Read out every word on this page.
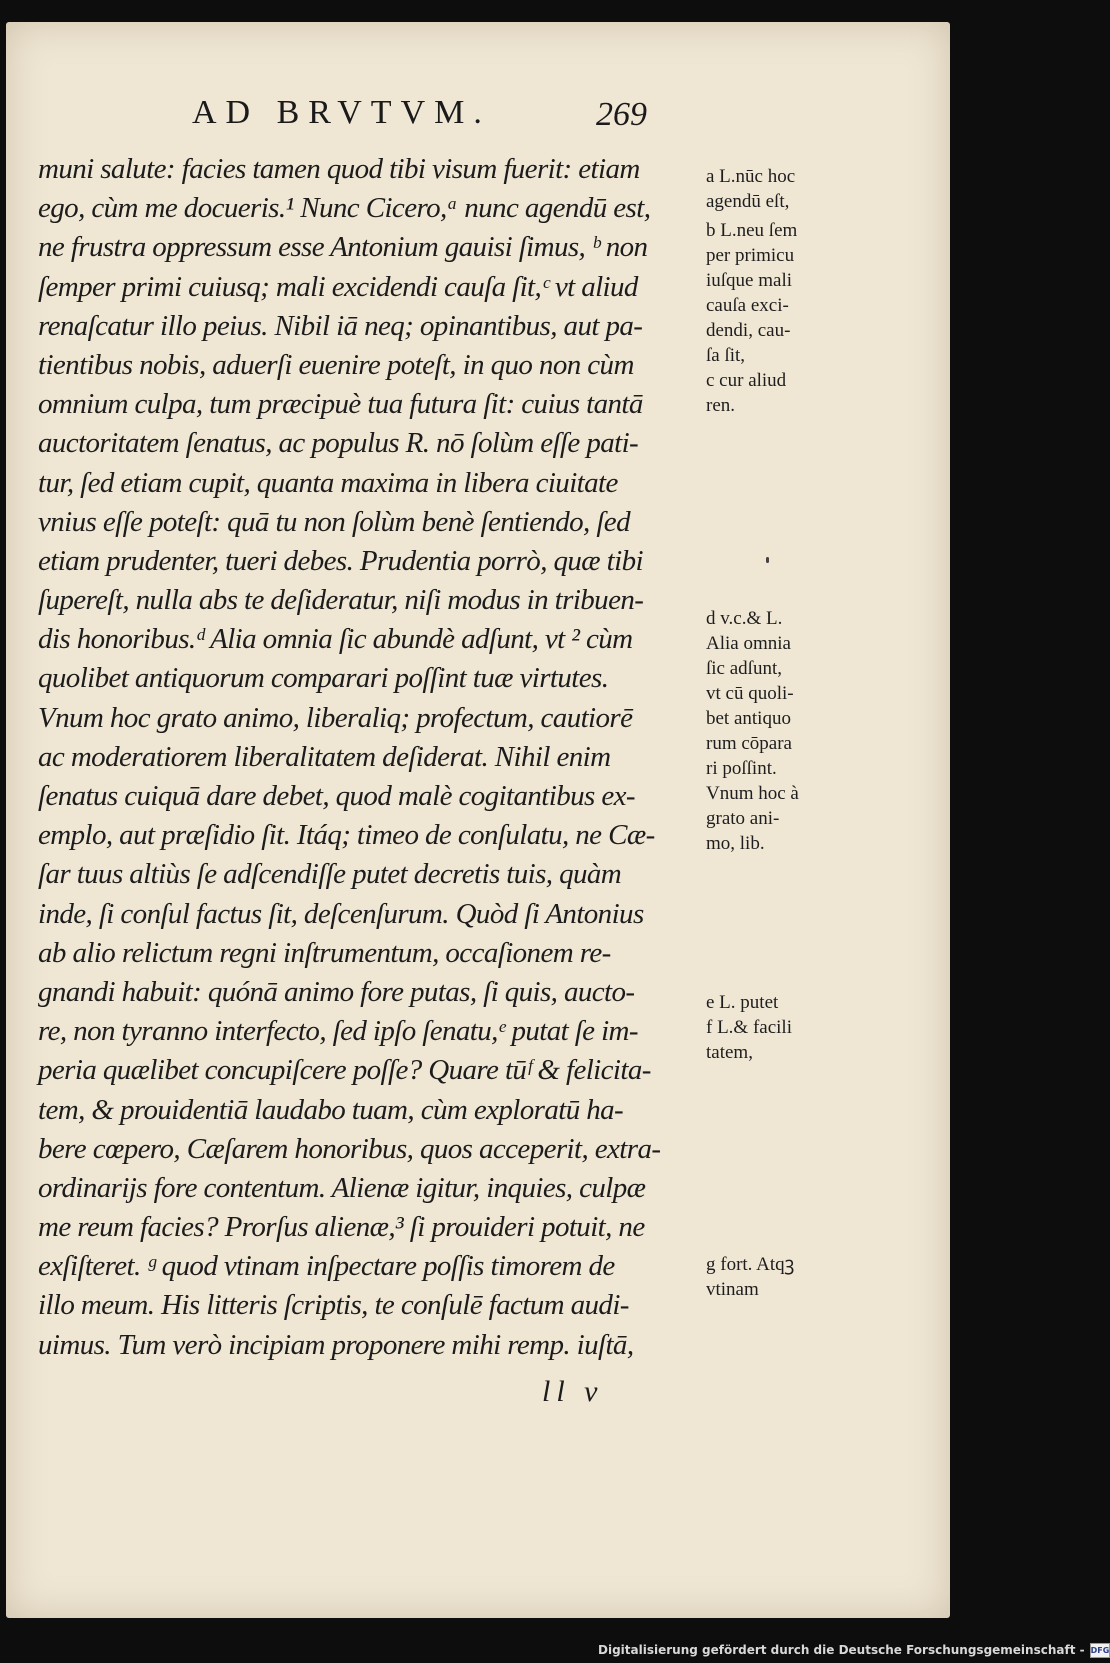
AD BRVTVM.	269
muni salute: facies tamen quod tibi visum fuerit: etiam
ego, cùm me docueris.¹ Nunc Cicero,ᵃ nunc agendū est,
ne frustra oppressum esse Antonium gauisi ſimus, ᵇ non
ſemper primi cuiusq; mali excidendi cauſa ſit,ᶜ vt aliud
renaſcatur illo peius. Nibil iā neq; opinantibus, aut pa-
tientibus nobis, aduerſi euenire poteſt, in quo non cùm
omnium culpa, tum præcipuè tua futura ſit: cuius tantā
auctoritatem ſenatus, ac populus R. nō ſolùm eſſe pati-
tur, ſed etiam cupit, quanta maxima in libera ciuitate
vnius eſſe poteſt: quā tu non ſolùm benè ſentiendo, ſed
etiam prudenter, tueri debes. Prudentia porrò, quæ tibi
ſupereſt, nulla abs te deſideratur, niſi modus in tribuen-
dis honoribus.ᵈ Alia omnia ſic abundè adſunt, vt ² cùm
quolibet antiquorum comparari poſſint tuæ virtutes.
Vnum hoc grato animo, liberaliq; profectum, cautiorē
ac moderatiorem liberalitatem deſiderat. Nihil enim
ſenatus cuiquā dare debet, quod malè cogitantibus ex-
emplo, aut præſidio ſit. Itáq; timeo de conſulatu, ne Cæ-
ſar tuus altiùs ſe adſcendiſſe putet decretis tuis, quàm
inde, ſi conſul factus ſit, deſcenſurum. Quòd ſi Antonius
ab alio relictum regni inſtrumentum, occaſionem re-
gnandi habuit: quónā animo fore putas, ſi quis, aucto-
re, non tyranno interfecto, ſed ipſo ſenatu,ᵉ putat ſe im-
peria quælibet concupiſcere poſſe? Quare tūᶠ & felicita-
tem, & prouidentiā laudabo tuam, cùm exploratū ha-
bere cœpero, Cæſarem honoribus, quos acceperit, extra-
ordinarijs fore contentum. Alienæ igitur, inquies, culpæ
me reum facies? Prorſus alienæ,³ ſi prouideri potuit, ne
exſiſteret. ᵍ quod vtinam inſpectare poſſis timorem de
illo meum. His litteris ſcriptis, te conſulē factum audi-
uimus. Tum verò incipiam proponere mihi remp. iuſtā,
ll v
a L.nūc hoc
agendū eſt,
b L.neu ſem
per primicu
iuſque mali
cauſa exci-
dendi, cau-
ſa ſit,
c cur aliud
ren.
d v.c.& L.
Alia omnia
ſic adſunt,
vt cū quoli-
bet antiquo
rum cōpara
ri poſſint.
Vnum hoc à
grato ani-
mo, lib.
e L. putet
f L.& facili
tatem,
g fort. Atqꝫ
vtinam
Digitalisierung gefördert durch die Deutsche Forschungsgemeinschaft - DFG
